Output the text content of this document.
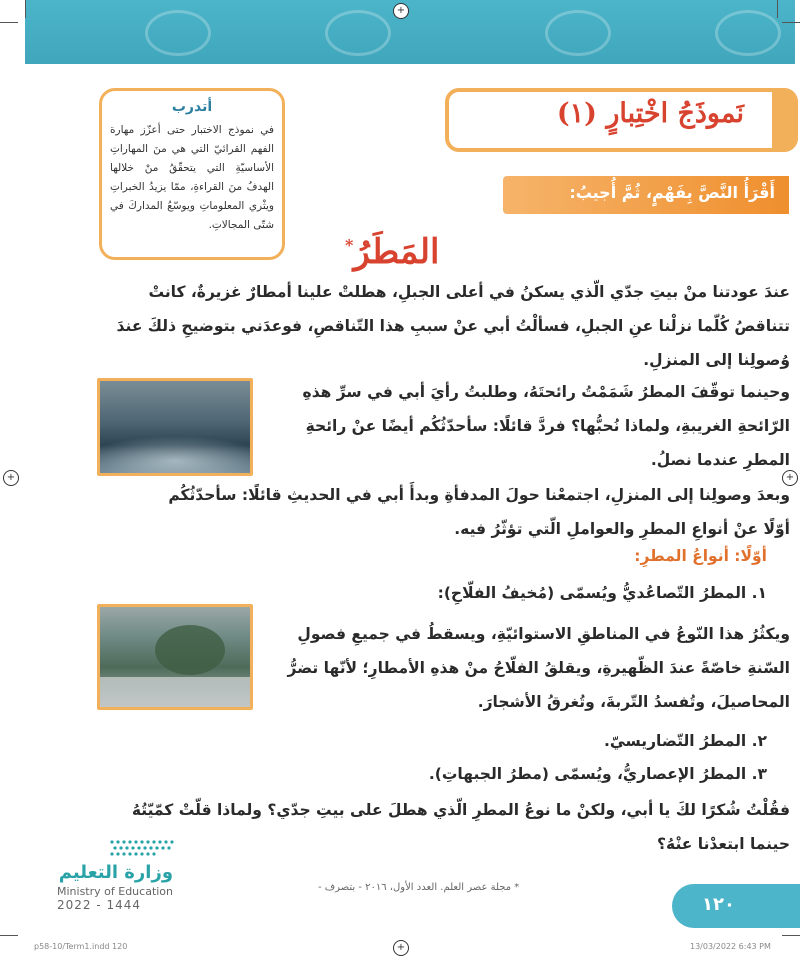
+
+	+
+
نَموذَجُ اخْتِبارٍ (١)
أتدرب
في نموذج الاختبار حتى أعزّز مهارة الفهم القرائيّ التي هي منَ المهاراتِ الأساسيّةِ التي يتحقّقُ منْ خلالها الهدفُ منَ القراءةِ، ممّا يزيدُ الخبراتِ ويثْري المعلوماتِ ويوسّعُ المداركَ في شتّى المجالاتِ.
أَقْرَأُ النَّصَّ بِفَهْمٍ، ثُمَّ أُجيبُ:
المَطَرُ*
عندَ عودتنا منْ بيتِ جدّي الّذي يسكنُ في أعلى الجبلِ، هطلتْ علينا أمطارٌ غزيرةٌ، كانتْ تتناقصُ كُلّما نزلْنا عنِ الجبلِ، فسألْتُ أبي عنْ سببِ هذا التّناقصِ، فوعدَني بتوضيحِ ذلكَ عندَ وُصولِنا إلى المنزلِ.
وحينما توقّفَ المطرُ شَمَمْتُ رائحتَهُ، وطلبتُ رأيَ أبي في سرِّ هذهِ الرّائحةِ الغريبةِ، ولماذا نُحبُّها؟ فردَّ قائلًا: سأحدّثُكُم أيضًا عنْ رائحةِ المطرِ عندما نصلُ.
وبعدَ وصولِنا إلى المنزلِ، اجتمعْنا حولَ المدفأةِ وبدأَ أبي في الحديثِ قائلًا: سأحدّثُكُم أوّلًا عنْ أنواعِ المطرِ والعواملِ الّتي تؤثّرُ فيه.
أوّلًا: أنواعُ المطرِ:
١. المطرُ التّصاعُديُّ ويُسمّى (مُخيفُ الفلّاحِ):
ويكثُرُ هذا النّوعُ في المناطقِ الاستوائيّةِ، ويسقطُ في جميعِ فصولِ السّنةِ خاصّةً عندَ الظّهيرةِ، ويقلقُ الفلّاحُ منْ هذهِ الأمطارِ؛ لأنّها تضرُّ المحاصيلَ، وتُفسدُ التّربةَ، وتُغرقُ الأشجارَ.
٢. المطرُ التّضاريسيّ.
٣. المطرُ الإعصاريُّ، ويُسمّى (مطرُ الجبهاتِ).
فقُلْتُ شُكرًا لكَ يا أبي، ولكنْ ما نوعُ المطرِ الّذي هطلَ على بيتِ جدّي؟ ولماذا قلّتْ كمّيّتُهُ حينما ابتعدْنا عنْهُ؟
وزارة التعليم
Ministry of Education
2022 - 1444
* مجلة عصر العلم. العدد الأول، ٢٠١٦ - بتصرف -
١٢٠
p58-10/Term1.indd 120	13/03/2022 6:43 PM
